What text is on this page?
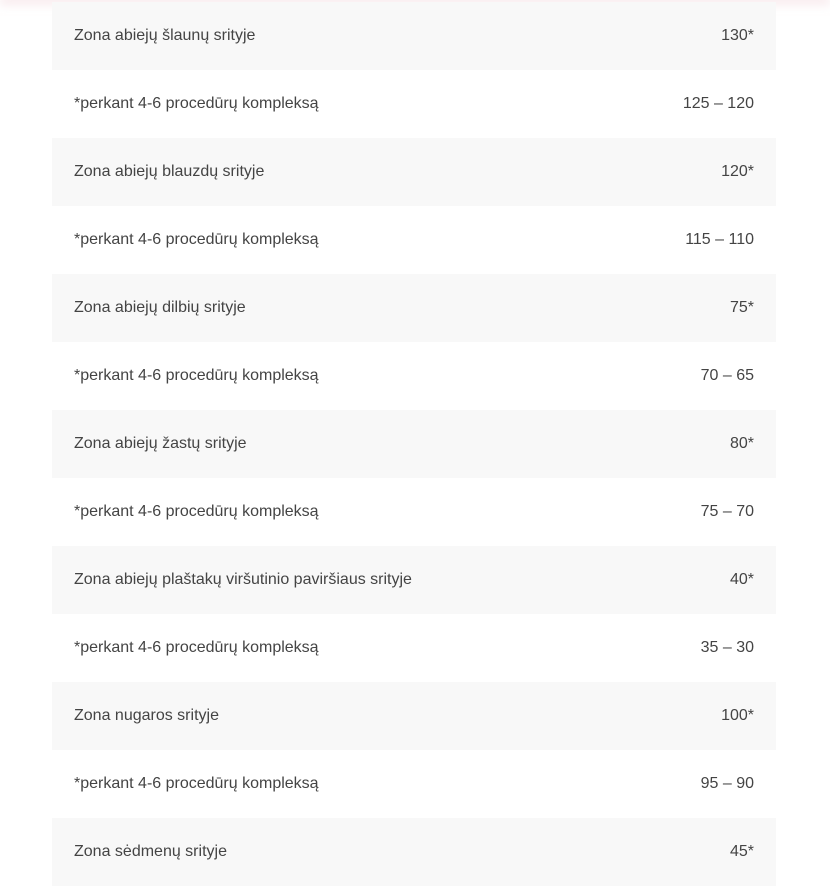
Zona abiejų šlaunų srityje	130*
*perkant 4-6 procedūrų kompleksą	125 – 120
Zona abiejų blauzdų srityje	120*
*perkant 4-6 procedūrų kompleksą	115 – 110
Zona abiejų dilbių srityje	75*
*perkant 4-6 procedūrų kompleksą	70 – 65
Zona abiejų žastų srityje	80*
*perkant 4-6 procedūrų kompleksą	75 – 70
Zona abiejų plaštakų viršutinio paviršiaus srityje	40*
*perkant 4-6 procedūrų kompleksą	35 – 30
Zona nugaros srityje	100*
*perkant 4-6 procedūrų kompleksą	95 – 90
Zona sėdmenų srityje	45*
